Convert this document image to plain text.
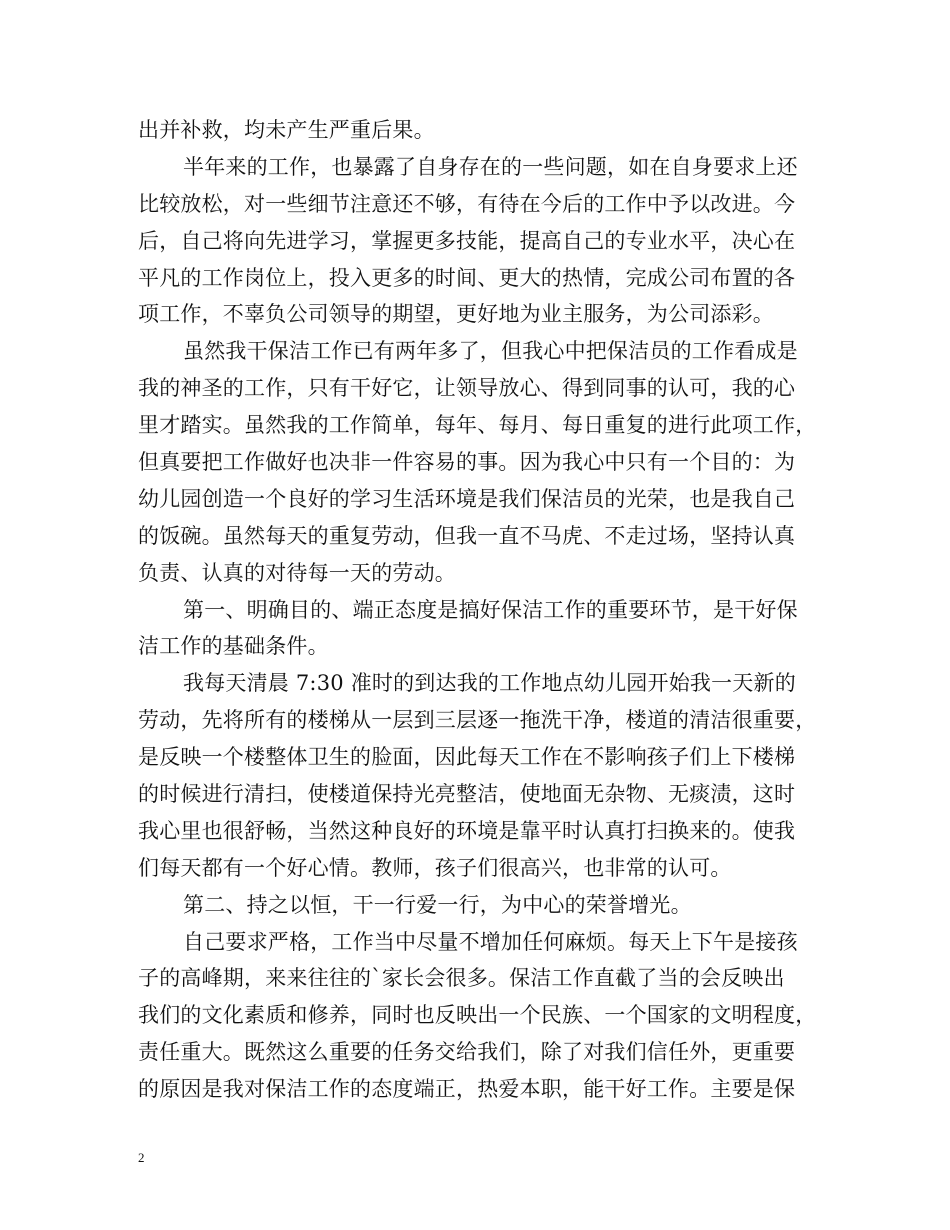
出并补救，均未产生严重后果。
半年来的工作，也暴露了自身存在的一些问题，如在自身要求上还
比较放松，对一些细节注意还不够，有待在今后的工作中予以改进。今
后，自己将向先进学习，掌握更多技能，提高自己的专业水平，决心在
平凡的工作岗位上，投入更多的时间、更大的热情，完成公司布置的各
项工作，不辜负公司领导的期望，更好地为业主服务，为公司添彩。
虽然我干保洁工作已有两年多了，但我心中把保洁员的工作看成是
我的神圣的工作，只有干好它，让领导放心、得到同事的认可，我的心
里才踏实。虽然我的工作简单，每年、每月、每日重复的进行此项工作，
但真要把工作做好也决非一件容易的事。因为我心中只有一个目的：为
幼儿园创造一个良好的学习生活环境是我们保洁员的光荣，也是我自己
的饭碗。虽然每天的重复劳动，但我一直不马虎、不走过场，坚持认真
负责、认真的对待每一天的劳动。
第一、明确目的、端正态度是搞好保洁工作的重要环节，是干好保
洁工作的基础条件。
我每天清晨 7:30 准时的到达我的工作地点幼儿园开始我一天新的
劳动，先将所有的楼梯从一层到三层逐一拖洗干净，楼道的清洁很重要，
是反映一个楼整体卫生的脸面，因此每天工作在不影响孩子们上下楼梯
的时候进行清扫，使楼道保持光亮整洁，使地面无杂物、无痰渍，这时
我心里也很舒畅，当然这种良好的环境是靠平时认真打扫换来的。使我
们每天都有一个好心情。教师，孩子们很高兴，也非常的认可。
第二、持之以恒，干一行爱一行，为中心的荣誉增光。
自己要求严格，工作当中尽量不增加任何麻烦。每天上下午是接孩
子的高峰期，来来往往的`家长会很多。保洁工作直截了当的会反映出
我们的文化素质和修养，同时也反映出一个民族、一个国家的文明程度，
责任重大。既然这么重要的任务交给我们，除了对我们信任外，更重要
的原因是我对保洁工作的态度端正，热爱本职，能干好工作。主要是保
2
